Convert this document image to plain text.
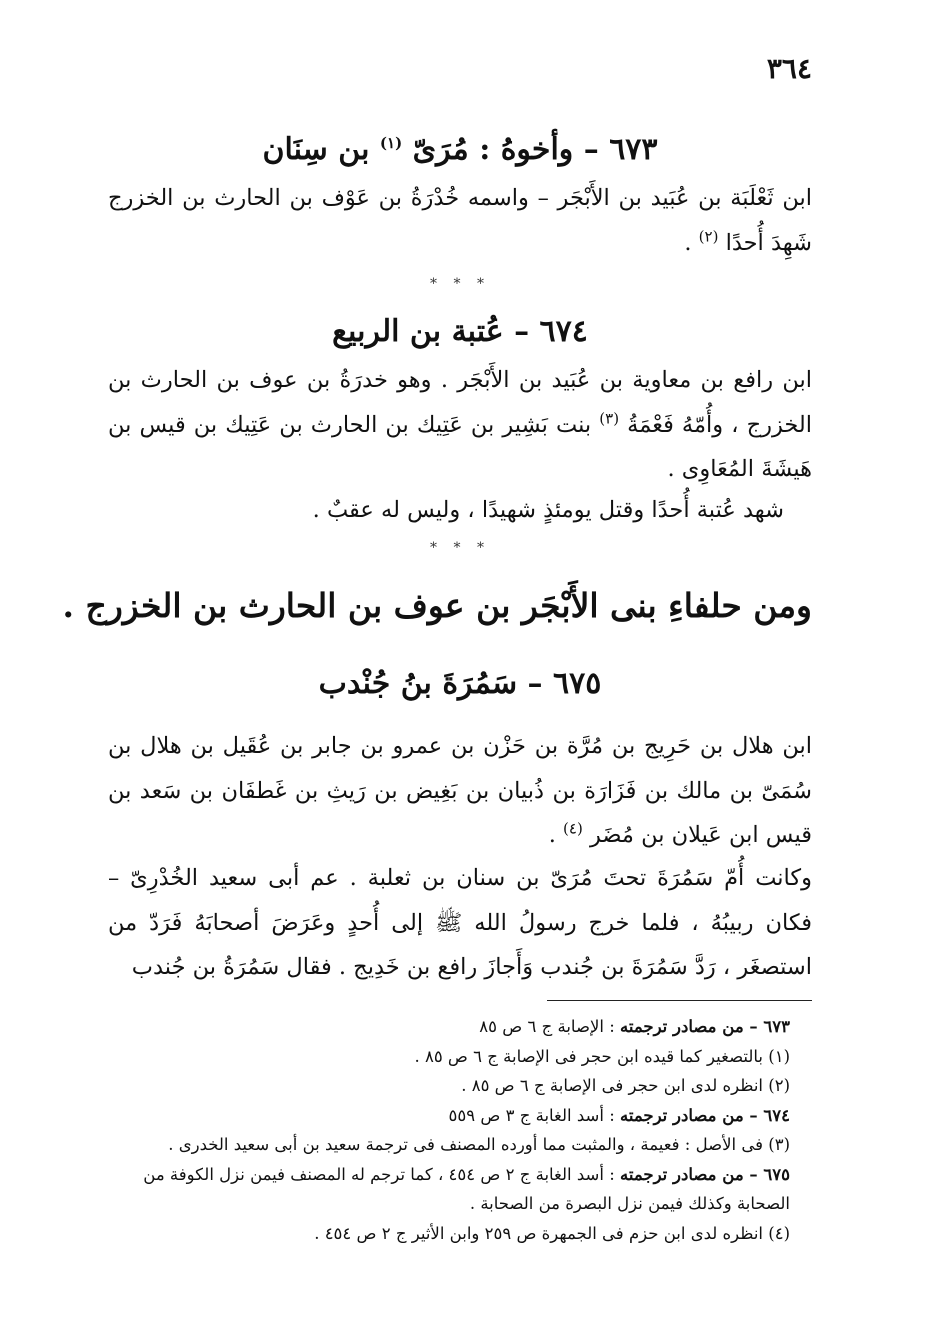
٣٦٤
٦٧٣ – وأخوهُ : مُرَىّ $^{(١)}$ بن سِنَان
ابن ثَعْلَبَة بن عُبَيد بن الأَبْجَر – واسمه خُدْرَةُ بن عَوْف بن الحارث بن الخزرج شَهِدَ أُحدًا $^{(٢)}$ .
* * *
٦٧٤ – عُتبة بن الربيع
ابن رافع بن معاوية بن عُبَيد بن الأَبْجَر . وهو خدرَةُ بن عوف بن الحارث بن الخزرج ، وأُمّهُ فَعْمَةُ $^{(٣)}$ بنت بَشِير بن عَتِيك بن الحارث بن عَتِيك بن قيس بن هَيشَةَ المُعَاوِى .
شهد عُتبة أُحدًا وقتل يومئذٍ شهيدًا ، وليس له عقبٌ .
* * *
ومن حلفاءِ بنى الأَبْجَر بن عوف بن الحارث بن الخزرج .
٦٧٥ – سَمُرَةَ بنُ جُنْدب
ابن هلال بن حَرِيج بن مُرَّة بن حَزْن بن عمرو بن جابر بن عُقَيل بن هلال بن سُمَىّ بن مالك بن فَزَارَة بن ذُبيان بن بَغِيض بن رَيثِ بن غَطفَان بن سَعد بن قيس ابن عَيلان بن مُضَر $^{(٤)}$ .
وكانت أُمّ سَمُرَةَ تحتَ مُرَىّ بن سنان بن ثعلبة . عم أبى سعيد الخُدْرِىّ – فكان ربيبُهُ ، فلما خرج رسولُ الله ﷺ إلى أُحدٍ وعَرَضَ أصحابَهُ فَرَدّ من استصغَر ، رَدَّ سَمُرَةَ بن جُندب وَأَجازَ رافع بن خَدِيج . فقال سَمُرَةُ بن جُندب
٦٧٣ – من مصادر ترجمته : الإصابة ج ٦ ص ٨٥
(١) بالتصغير كما قيده ابن حجر فى الإصابة ج ٦ ص ٨٥ .
(٢) انظره لدى ابن حجر فى الإصابة ج ٦ ص ٨٥ .
٦٧٤ – من مصادر ترجمته : أسد الغابة ج ٣ ص ٥٥٩
(٣) فى الأصل : فعيمة ، والمثبت مما أورده المصنف فى ترجمة سعيد بن أبى سعيد الخدرى .
٦٧٥ – من مصادر ترجمته : أسد الغابة ج ٢ ص ٤٥٤ ، كما ترجم له المصنف فيمن نزل الكوفة من الصحابة وكذلك فيمن نزل البصرة من الصحابة .
(٤) انظره لدى ابن حزم فى الجمهرة ص ٢٥٩ وابن الأثير ج ٢ ص ٤٥٤ .
